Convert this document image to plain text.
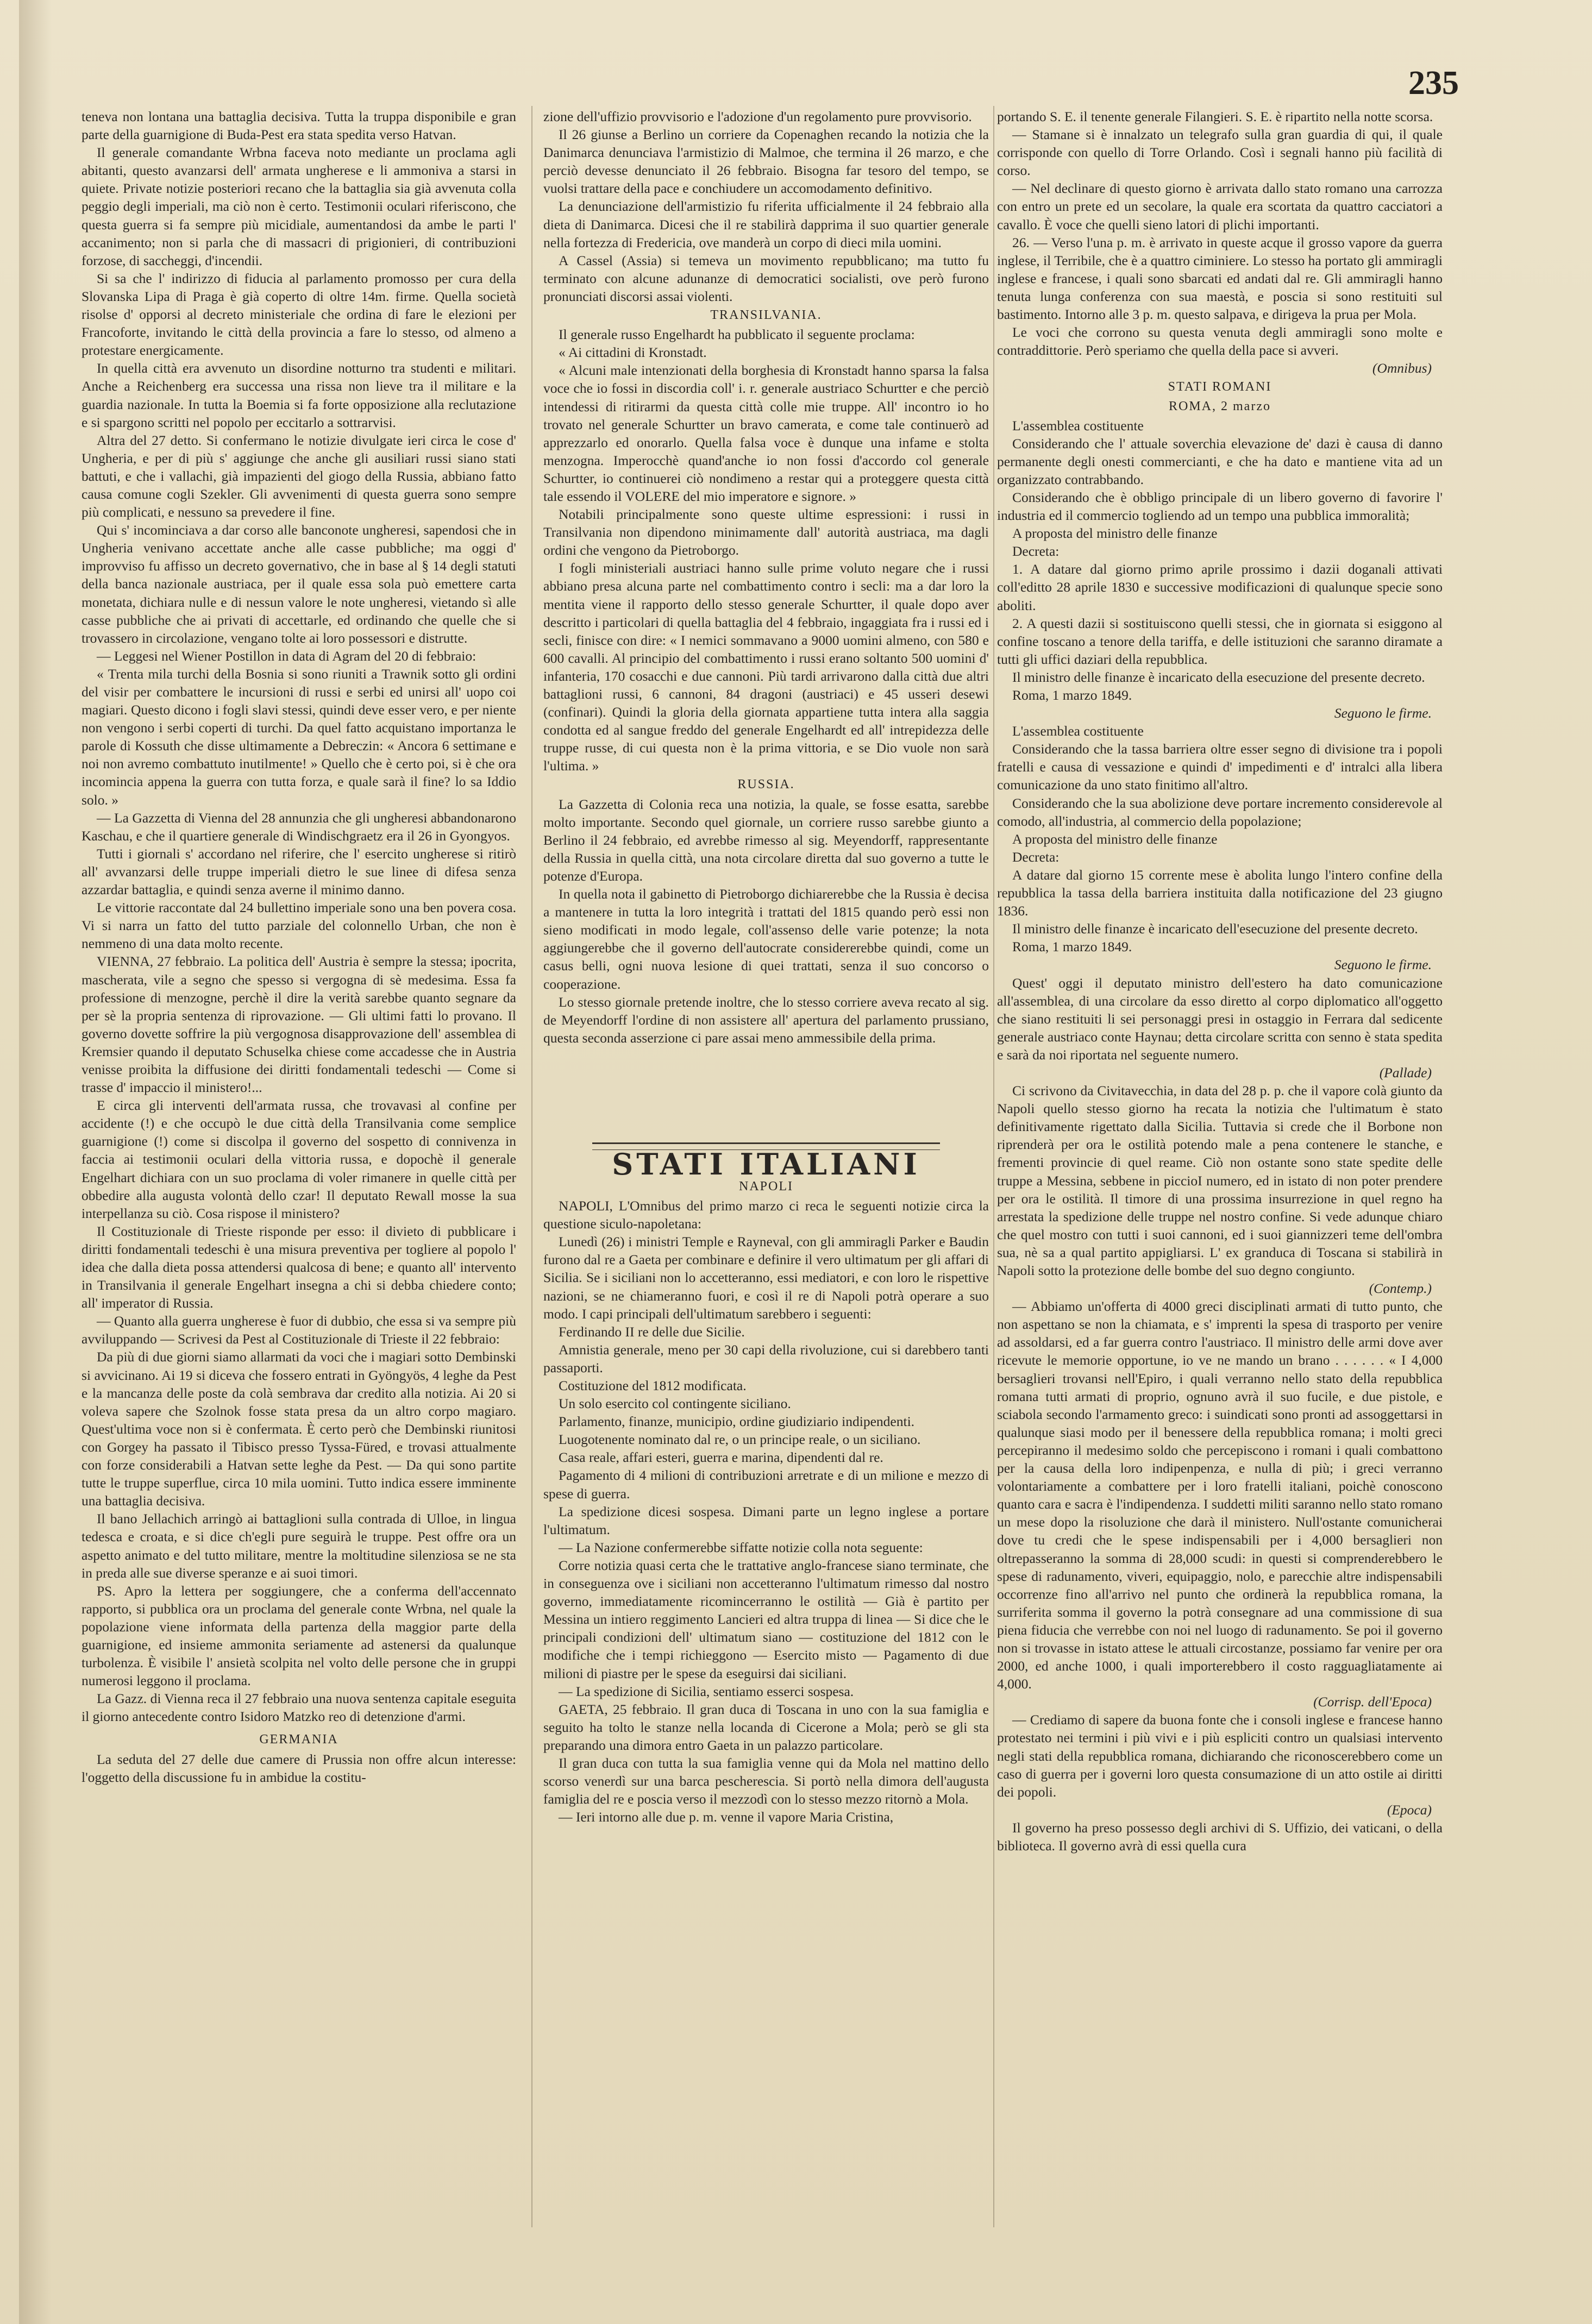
235

teneva non lontana una battaglia decisiva. Tutta la truppa disponibile e gran parte della guarnigione di Buda-Pest era stata spedita verso Hatvan.

Il generale comandante Wrbna faceva noto mediante un proclama agli abitanti, questo avanzarsi dell' armata ungherese e li ammoniva a starsi in quiete. Private notizie posteriori recano che la battaglia sia già avvenuta colla peggio degli imperiali, ma ciò non è certo. Testimonii oculari riferiscono, che questa guerra si fa sempre più micidiale, aumentandosi da ambe le parti l' accanimento; non si parla che di massacri di prigionieri, di contribuzioni forzose, di saccheggi, d'incendii.

Si sa che l' indirizzo di fiducia al parlamento promosso per cura della Slovanska Lipa di Praga è già coperto di oltre 14m. firme. Quella società risolse d' opporsi al decreto ministeriale che ordina di fare le elezioni per Francoforte, invitando le città della provincia a fare lo stesso, od almeno a protestare energicamente.

In quella città era avvenuto un disordine notturno tra studenti e militari. Anche a Reichenberg era successa una rissa non lieve tra il militare e la guardia nazionale. In tutta la Boemia si fa forte opposizione alla reclutazione e si spargono scritti nel popolo per eccitarlo a sottrarvisi.

Altra del 27 detto. Si confermano le notizie divulgate ieri circa le cose d' Ungheria, e per di più s' aggiunge che anche gli ausiliari russi siano stati battuti, e che i vallachi, già impazienti del giogo della Russia, abbiano fatto causa comune cogli Szekler. Gli avvenimenti di questa guerra sono sempre più complicati, e nessuno sa prevedere il fine.

Qui s' incominciava a dar corso alle banconote ungheresi, sapendosi che in Ungheria venivano accettate anche alle casse pubbliche; ma oggi d' improvviso fu affisso un decreto governativo, che in base al § 14 degli statuti della banca nazionale austriaca, per il quale essa sola può emettere carta monetata, dichiara nulle e di nessun valore le note ungheresi, vietando sì alle casse pubbliche che ai privati di accettarle, ed ordinando che quelle che si trovassero in circolazione, vengano tolte ai loro possessori e distrutte.

— Leggesi nel Wiener Postillon in data di Agram del 20 di febbraio:

« Trenta mila turchi della Bosnia si sono riuniti a Trawnik sotto gli ordini del visir per combattere le incursioni di russi e serbi ed unirsi all' uopo coi magiari. Questo dicono i fogli slavi stessi, quindi deve esser vero, e per niente non vengono i serbi coperti di turchi. Da quel fatto acquistano importanza le parole di Kossuth che disse ultimamente a Debreczin: « Ancora 6 settimane e noi non avremo combattuto inutilmente! » Quello che è certo poi, si è che ora incomincia appena la guerra con tutta forza, e quale sarà il fine? lo sa Iddio solo. »

— La Gazzetta di Vienna del 28 annunzia che gli ungheresi abbandonarono Kaschau, e che il quartiere generale di Windischgraetz era il 26 in Gyongyos.

Tutti i giornali s' accordano nel riferire, che l' esercito ungherese si ritirò all' avvanzarsi delle truppe imperiali dietro le sue linee di difesa senza azzardar battaglia, e quindi senza averne il minimo danno.

Le vittorie raccontate dal 24 bullettino imperiale sono una ben povera cosa. Vi si narra un fatto del tutto parziale del colonnello Urban, che non è nemmeno di una data molto recente.

VIENNA, 27 febbraio. La politica dell' Austria è sempre la stessa; ipocrita, mascherata, vile a segno che spesso si vergogna di sè medesima. Essa fa professione di menzogne, perchè il dire la verità sarebbe quanto segnare da per sè la propria sentenza di riprovazione. — Gli ultimi fatti lo provano. Il governo dovette soffrire la più vergognosa disapprovazione dell' assemblea di Kremsier quando il deputato Schuselka chiese come accadesse che in Austria venisse proibita la diffusione dei diritti fondamentali tedeschi — Come si trasse d' impaccio il ministero!...

E circa gli interventi dell'armata russa, che trovavasi al confine per accidente (!) e che occupò le due città della Transilvania come semplice guarnigione (!) come si discolpa il governo del sospetto di connivenza in faccia ai testimonii oculari della vittoria russa, e dopochè il generale Engelhart dichiara con un suo proclama di voler rimanere in quelle città per obbedire alla augusta volontà dello czar! Il deputato Rewall mosse la sua interpellanza su ciò. Cosa rispose il ministero?

Il Costituzionale di Trieste risponde per esso: il divieto di pubblicare i diritti fondamentali tedeschi è una misura preventiva per togliere al popolo l' idea che dalla dieta possa attendersi qualcosa di bene; e quanto all' intervento in Transilvania il generale Engelhart insegna a chi si debba chiedere conto; all' imperator di Russia.

— Quanto alla guerra ungherese è fuor di dubbio, che essa si va sempre più avviluppando — Scrivesi da Pest al Costituzionale di Trieste il 22 febbraio:

Da più di due giorni siamo allarmati da voci che i magiari sotto Dembinski si avvicinano. Ai 19 si diceva che fossero entrati in Gyöngyös, 4 leghe da Pest e la mancanza delle poste da colà sembrava dar credito alla notizia. Ai 20 si voleva sapere che Szolnok fosse stata presa da un altro corpo magiaro. Quest'ultima voce non si è confermata. È certo però che Dembinski riunitosi con Gorgey ha passato il Tibisco presso Tyssa-Füred, e trovasi attualmente con forze considerabili a Hatvan sette leghe da Pest. — Da qui sono partite tutte le truppe superflue, circa 10 mila uomini. Tutto indica essere imminente una battaglia decisiva.

Il bano Jellachich arringò ai battaglioni sulla contrada di Ulloe, in lingua tedesca e croata, e si dice ch'egli pure seguirà le truppe. Pest offre ora un aspetto animato e del tutto militare, mentre la moltitudine silenziosa se ne sta in preda alle sue diverse speranze e ai suoi timori.

PS. Apro la lettera per soggiungere, che a conferma dell'accennato rapporto, si pubblica ora un proclama del generale conte Wrbna, nel quale la popolazione viene informata della partenza della maggior parte della guarnigione, ed insieme ammonita seriamente ad astenersi da qualunque turbolenza. È visibile l' ansietà scolpita nel volto delle persone che in gruppi numerosi leggono il proclama.

La Gazz. di Vienna reca il 27 febbraio una nuova sentenza capitale eseguita il giorno antecedente contro Isidoro Matzko reo di detenzione d'armi.

GERMANIA

La seduta del 27 delle due camere di Prussia non offre alcun interesse: l'oggetto della discussione fu in ambidue la costitu-

zione dell'uffizio provvisorio e l'adozione d'un regolamento pure provvisorio.

Il 26 giunse a Berlino un corriere da Copenaghen recando la notizia che la Danimarca denunciava l'armistizio di Malmoe, che termina il 26 marzo, e che perciò devesse denunciato il 26 febbraio. Bisogna far tesoro del tempo, se vuolsi trattare della pace e conchiudere un accomodamento definitivo.

La denunciazione dell'armistizio fu riferita ufficialmente il 24 febbraio alla dieta di Danimarca. Dicesi che il re stabilirà dapprima il suo quartier generale nella fortezza di Fredericia, ove manderà un corpo di dieci mila uomini.

A Cassel (Assia) si temeva un movimento repubblicano; ma tutto fu terminato con alcune adunanze di democratici socialisti, ove però furono pronunciati discorsi assai violenti.

TRANSILVANIA.

Il generale russo Engelhardt ha pubblicato il seguente proclama:

« Ai cittadini di Kronstadt.

« Alcuni male intenzionati della borghesia di Kronstadt hanno sparsa la falsa voce che io fossi in discordia coll' i. r. generale austriaco Schurtter e che perciò intendessi di ritirarmi da questa città colle mie truppe. All' incontro io ho trovato nel generale Schurtter un bravo camerata, e come tale continuerò ad apprezzarlo ed onorarlo. Quella falsa voce è dunque una infame e stolta menzogna. Imperocchè quand'anche io non fossi d'accordo col generale Schurtter, io continuerei ciò nondimeno a restar qui a proteggere questa città tale essendo il VOLERE del mio imperatore e signore. »

Notabili principalmente sono queste ultime espressioni: i russi in Transilvania non dipendono minimamente dall' autorità austriaca, ma dagli ordini che vengono da Pietroborgo.

I fogli ministeriali austriaci hanno sulle prime voluto negare che i russi abbiano presa alcuna parte nel combattimento contro i secli: ma a dar loro la mentita viene il rapporto dello stesso generale Schurtter, il quale dopo aver descritto i particolari di quella battaglia del 4 febbraio, ingaggiata fra i russi ed i secli, finisce con dire: « I nemici sommavano a 9000 uomini almeno, con 580 e 600 cavalli. Al principio del combattimento i russi erano soltanto 500 uomini d' infanteria, 170 cosacchi e due cannoni. Più tardi arrivarono dalla città due altri battaglioni russi, 6 cannoni, 84 dragoni (austriaci) e 45 usseri desewi (confinari). Quindi la gloria della giornata appartiene tutta intera alla saggia condotta ed al sangue freddo del generale Engelhardt ed all' intrepidezza delle truppe russe, di cui questa non è la prima vittoria, e se Dio vuole non sarà l'ultima. »

RUSSIA.

La Gazzetta di Colonia reca una notizia, la quale, se fosse esatta, sarebbe molto importante. Secondo quel giornale, un corriere russo sarebbe giunto a Berlino il 24 febbraio, ed avrebbe rimesso al sig. Meyendorff, rappresentante della Russia in quella città, una nota circolare diretta dal suo governo a tutte le potenze d'Europa.

In quella nota il gabinetto di Pietroborgo dichiarerebbe che la Russia è decisa a mantenere in tutta la loro integrità i trattati del 1815 quando però essi non sieno modificati in modo legale, coll'assenso delle varie potenze; la nota aggiungerebbe che il governo dell'autocrate considererebbe quindi, come un casus belli, ogni nuova lesione di quei trattati, senza il suo concorso o cooperazione.

Lo stesso giornale pretende inoltre, che lo stesso corriere aveva recato al sig. de Meyendorff l'ordine di non assistere all' apertura del parlamento prussiano, questa seconda asserzione ci pare assai meno ammessibile della prima.

STATI ITALIANI
NAPOLI

NAPOLI, L'Omnibus del primo marzo ci reca le seguenti notizie circa la questione siculo-napoletana:

Lunedì (26) i ministri Temple e Rayneval, con gli ammiragli Parker e Baudin furono dal re a Gaeta per combinare e definire il vero ultimatum per gli affari di Sicilia. Se i siciliani non lo accetteranno, essi mediatori, e con loro le rispettive nazioni, se ne chiameranno fuori, e così il re di Napoli potrà operare a suo modo. I capi principali dell'ultimatum sarebbero i seguenti:

Ferdinando II re delle due Sicilie.

Amnistia generale, meno per 30 capi della rivoluzione, cui si darebbero tanti passaporti.

Costituzione del 1812 modificata.

Un solo esercito col contingente siciliano.

Parlamento, finanze, municipio, ordine giudiziario indipendenti.

Luogotenente nominato dal re, o un principe reale, o un siciliano.

Casa reale, affari esteri, guerra e marina, dipendenti dal re.

Pagamento di 4 milioni di contribuzioni arretrate e di un milione e mezzo di spese di guerra.

La spedizione dicesi sospesa. Dimani parte un legno inglese a portare l'ultimatum.

— La Nazione confermerebbe siffatte notizie colla nota seguente:

Corre notizia quasi certa che le trattative anglo-francese siano terminate, che in conseguenza ove i siciliani non accetteranno l'ultimatum rimesso dal nostro governo, immediatamente ricomincerranno le ostilità — Già è partito per Messina un intiero reggimento Lancieri ed altra truppa di linea — Si dice che le principali condizioni dell' ultimatum siano — costituzione del 1812 con le modifiche che i tempi richieggono — Esercito misto — Pagamento di due milioni di piastre per le spese da eseguirsi dai siciliani.

— La spedizione di Sicilia, sentiamo esserci sospesa.

GAETA, 25 febbraio. Il gran duca di Toscana in uno con la sua famiglia e seguito ha tolto le stanze nella locanda di Cicerone a Mola; però se gli sta preparando una dimora entro Gaeta in un palazzo particolare.

Il gran duca con tutta la sua famiglia venne qui da Mola nel mattino dello scorso venerdì sur una barca pescherescia. Si portò nella dimora dell'augusta famiglia del re e poscia verso il mezzodì con lo stesso mezzo ritornò a Mola.

— Ieri intorno alle due p. m. venne il vapore Maria Cristina,

portando S. E. il tenente generale Filangieri. S. E. è ripartito nella notte scorsa.

— Stamane si è innalzato un telegrafo sulla gran guardia di qui, il quale corrisponde con quello di Torre Orlando. Così i segnali hanno più facilità di corso.

— Nel declinare di questo giorno è arrivata dallo stato romano una carrozza con entro un prete ed un secolare, la quale era scortata da quattro cacciatori a cavallo. È voce che quelli sieno latori di plichi importanti.

26. — Verso l'una p. m. è arrivato in queste acque il grosso vapore da guerra inglese, il Terribile, che è a quattro ciminiere. Lo stesso ha portato gli ammiragli inglese e francese, i quali sono sbarcati ed andati dal re. Gli ammiragli hanno tenuta lunga conferenza con sua maestà, e poscia si sono restituiti sul bastimento. Intorno alle 3 p. m. questo salpava, e dirigeva la prua per Mola.

Le voci che corrono su questa venuta degli ammiragli sono molte e contraddittorie. Però speriamo che quella della pace si avveri.

(Omnibus)
STATI ROMANI
ROMA, 2 marzo

L'assemblea costituente

Considerando che l' attuale soverchia elevazione de' dazi è causa di danno permanente degli onesti commercianti, e che ha dato e mantiene vita ad un organizzato contrabbando.

Considerando che è obbligo principale di un libero governo di favorire l' industria ed il commercio togliendo ad un tempo una pubblica immoralità;

A proposta del ministro delle finanze

Decreta:

1. A datare dal giorno primo aprile prossimo i dazii doganali attivati coll'editto 28 aprile 1830 e successive modificazioni di qualunque specie sono aboliti.

2. A questi dazii si sostituiscono quelli stessi, che in giornata si esiggono al confine toscano a tenore della tariffa, e delle istituzioni che saranno diramate a tutti gli uffici daziari della repubblica.

Il ministro delle finanze è incaricato della esecuzione del presente decreto.

Roma, 1 marzo 1849.

Seguono le firme.

L'assemblea costituente

Considerando che la tassa barriera oltre esser segno di divisione tra i popoli fratelli e causa di vessazione e quindi d' impedimenti e d' intralci alla libera comunicazione da uno stato finitimo all'altro.

Considerando che la sua abolizione deve portare incremento considerevole al comodo, all'industria, al commercio della popolazione;

A proposta del ministro delle finanze

Decreta:

A datare dal giorno 15 corrente mese è abolita lungo l'intero confine della repubblica la tassa della barriera instituita dalla notificazione del 23 giugno 1836.

Il ministro delle finanze è incaricato dell'esecuzione del presente decreto.

Roma, 1 marzo 1849.

Seguono le firme.

Quest' oggi il deputato ministro dell'estero ha dato comunicazione all'assemblea, di una circolare da esso diretto al corpo diplomatico all'oggetto che siano restituiti li sei personaggi presi in ostaggio in Ferrara dal sedicente generale austriaco conte Haynau; detta circolare scritta con senno è stata spedita e sarà da noi riportata nel seguente numero.

(Pallade)

Ci scrivono da Civitavecchia, in data del 28 p. p. che il vapore colà giunto da Napoli quello stesso giorno ha recata la notizia che l'ultimatum è stato definitivamente rigettato dalla Sicilia. Tuttavia si crede che il Borbone non riprenderà per ora le ostilità potendo male a pena contenere le stanche, e frementi provincie di quel reame. Ciò non ostante sono state spedite delle truppe a Messina, sebbene in piccioI numero, ed in istato di non poter prendere per ora le ostilità. Il timore di una prossima insurrezione in quel regno ha arrestata la spedizione delle truppe nel nostro confine. Si vede adunque chiaro che quel mostro con tutti i suoi cannoni, ed i suoi giannizzeri teme dell'ombra sua, nè sa a qual partito appigliarsi. L' ex granduca di Toscana si stabilirà in Napoli sotto la protezione delle bombe del suo degno congiunto.

(Contemp.)

— Abbiamo un'offerta di 4000 greci disciplinati armati di tutto punto, che non aspettano se non la chiamata, e s' imprenti la spesa di trasporto per venire ad assoldarsi, ed a far guerra contro l'austriaco. Il ministro delle armi dove aver ricevute le memorie opportune, io ve ne mando un brano . . . . . . « I 4,000 bersaglieri trovansi nell'Epiro, i quali verranno nello stato della repubblica romana tutti armati di proprio, ognuno avrà il suo fucile, e due pistole, e sciabola secondo l'armamento greco: i suindicati sono pronti ad assoggettarsi in qualunque siasi modo per il benessere della repubblica romana; i molti greci percepiranno il medesimo soldo che percepiscono i romani i quali combattono per la causa della loro indipenpenza, e nulla di più; i greci verranno volontariamente a combattere per i loro fratelli italiani, poichè conoscono quanto cara e sacra è l'indipendenza. I suddetti militi saranno nello stato romano un mese dopo la risoluzione che darà il ministero. Null'ostante comunicherai dove tu credi che le spese indispensabili per i 4,000 bersaglieri non oltrepasseranno la somma di 28,000 scudi: in questi si comprenderebbero le spese di radunamento, viveri, equipaggio, nolo, e parecchie altre indispensabili occorrenze fino all'arrivo nel punto che ordinerà la repubblica romana, la surriferita somma il governo la potrà consegnare ad una commissione di sua piena fiducia che verrebbe con noi nel luogo di radunamento. Se poi il governo non si trovasse in istato attese le attuali circostanze, possiamo far venire per ora 2000, ed anche 1000, i quali importerebbero il costo ragguagliatamente ai 4,000.

(Corrisp. dell'Epoca)

— Crediamo di sapere da buona fonte che i consoli inglese e francese hanno protestato nei termini i più vivi e i più espliciti contro un qualsiasi intervento negli stati della repubblica romana, dichiarando che riconoscerebbero come un caso di guerra per i governi loro questa consumazione di un atto ostile ai diritti dei popoli.

(Epoca)

Il governo ha preso possesso degli archivi di S. Uffizio, dei vaticani, o della biblioteca. Il governo avrà di essi quella cura
